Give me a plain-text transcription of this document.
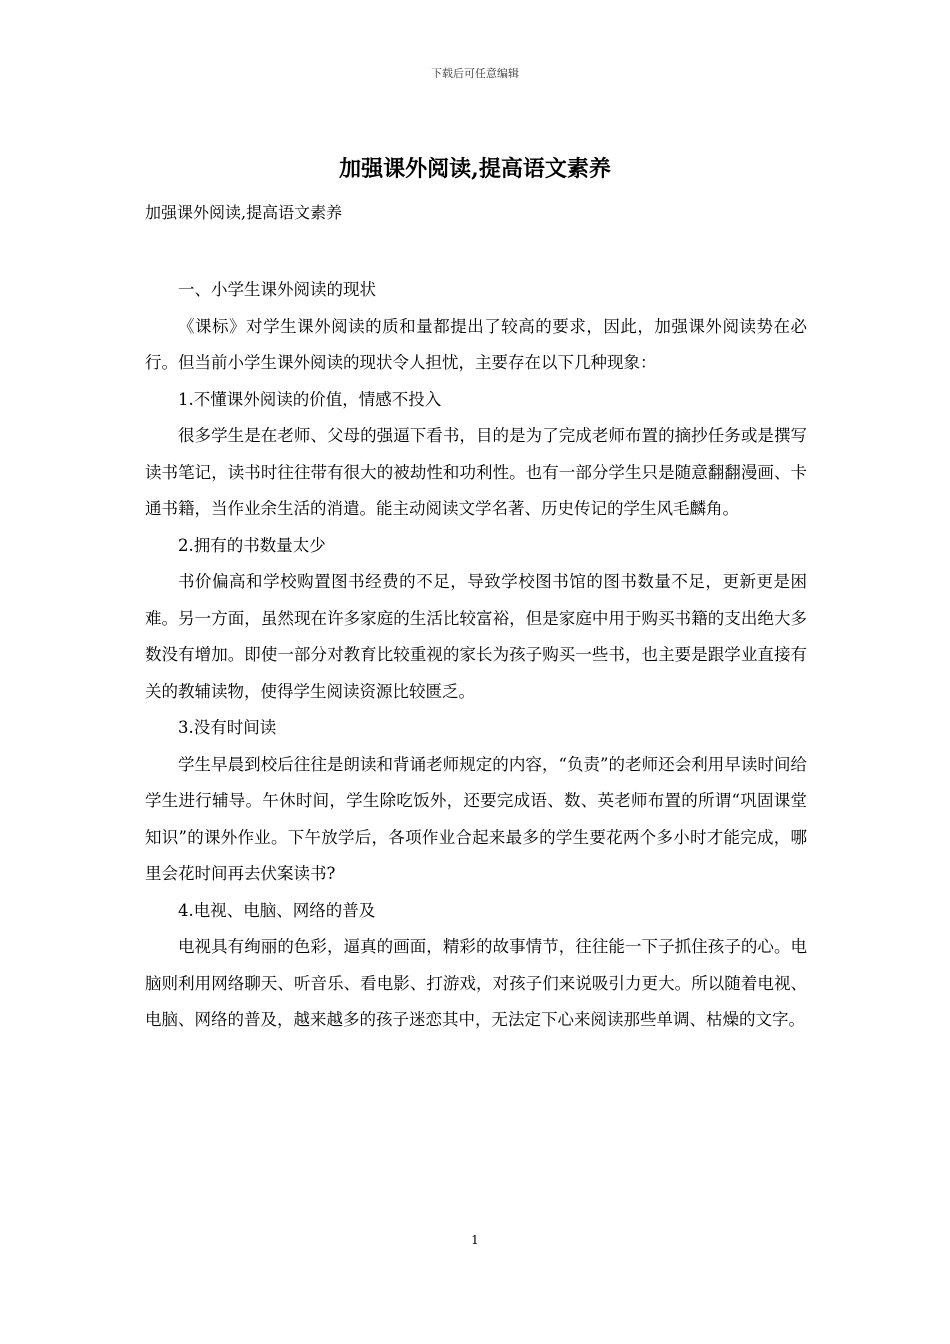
下载后可任意编辑
加强课外阅读,提高语文素养

加强课外阅读,提高语文素养

一、小学生课外阅读的现状

《课标》对学生课外阅读的质和量都提出了较高的要求，因此，加强课外阅读势在必行。但当前小学生课外阅读的现状令人担忧，主要存在以下几种现象：

1.不懂课外阅读的价值，情感不投入

很多学生是在老师、父母的强逼下看书，目的是为了完成老师布置的摘抄任务或是撰写读书笔记，读书时往往带有很大的被劫性和功利性。也有一部分学生只是随意翻翻漫画、卡通书籍，当作业余生活的消遣。能主动阅读文学名著、历史传记的学生风毛麟角。

2.拥有的书数量太少

书价偏高和学校购置图书经费的不足，导致学校图书馆的图书数量不足，更新更是困难。另一方面，虽然现在许多家庭的生活比较富裕，但是家庭中用于购买书籍的支出绝大多数没有增加。即使一部分对教育比较重视的家长为孩子购买一些书，也主要是跟学业直接有关的教辅读物，使得学生阅读资源比较匮乏。

3.没有时间读

学生早晨到校后往往是朗读和背诵老师规定的内容，“负责”的老师还会利用早读时间给学生进行辅导。午休时间，学生除吃饭外，还要完成语、数、英老师布置的所谓“巩固课堂知识”的课外作业。下午放学后，各项作业合起来最多的学生要花两个多小时才能完成，哪里会花时间再去伏案读书?

4.电视、电脑、网络的普及

电视具有绚丽的色彩，逼真的画面，精彩的故事情节，往往能一下子抓住孩子的心。电脑则利用网络聊天、听音乐、看电影、打游戏，对孩子们来说吸引力更大。所以随着电视、电脑、网络的普及，越来越多的孩子迷恋其中，无法定下心来阅读那些单调、枯燥的文字。

1
